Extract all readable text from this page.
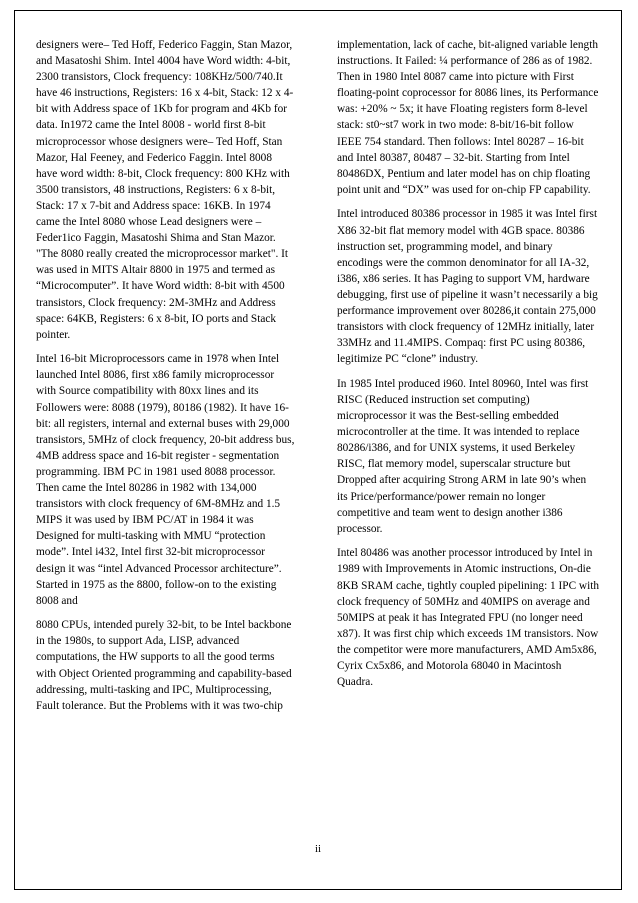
designers were– Ted Hoff, Federico Faggin, Stan Mazor, and Masatoshi Shim. Intel 4004 have Word width: 4-bit, 2300 transistors, Clock frequency: 108KHz/500/740.It have 46 instructions, Registers: 16 x 4-bit, Stack: 12 x 4-bit with Address space of 1Kb for program and 4Kb for data. In1972 came the Intel 8008 - world first 8-bit microprocessor whose designers were– Ted Hoff, Stan Mazor, Hal Feeney, and Federico Faggin. Intel 8008 have word width: 8-bit, Clock frequency: 800 KHz with 3500 transistors, 48 instructions, Registers: 6 x 8-bit, Stack: 17 x 7-bit and Address space: 16KB. In 1974 came the Intel 8080 whose Lead designers were – Feder1ico Faggin, Masatoshi Shima and Stan Mazor. "The 8080 really created the microprocessor market". It was used in MITS Altair 8800 in 1975 and termed as “Microcomputer”. It have Word width: 8-bit with 4500 transistors, Clock frequency: 2M-3MHz and Address space: 64KB, Registers: 6 x 8-bit, IO ports and Stack pointer.

Intel 16-bit Microprocessors came in 1978 when Intel launched Intel 8086, first x86 family microprocessor with Source compatibility with 80xx lines and its Followers were: 8088 (1979), 80186 (1982). It have 16-bit: all registers, internal and external buses with 29,000 transistors, 5MHz of clock frequency, 20-bit address bus, 4MB address space and 16-bit register - segmentation programming. IBM PC in 1981 used 8088 processor. Then came the Intel 80286 in 1982 with 134,000 transistors with clock frequency of 6M-8MHz and 1.5 MIPS it was used by IBM PC/AT in 1984 it was Designed for multi-tasking with MMU “protection mode”. Intel i432, Intel first 32-bit microprocessor design it was “intel Advanced Processor architecture”. Started in 1975 as the 8800, follow-on to the existing 8008 and

8080 CPUs, intended purely 32-bit, to be Intel backbone in the 1980s, to support Ada, LISP, advanced computations, the HW supports to all the good terms with Object Oriented programming and capability-based addressing, multi-tasking and IPC, Multiprocessing, Fault tolerance. But the Problems with it was two-chip

implementation, lack of cache, bit-aligned variable length instructions. It Failed: ¼ performance of 286 as of 1982. Then in 1980 Intel 8087 came into picture with First floating-point coprocessor for 8086 lines, its Performance was: +20% ~ 5x; it have Floating registers form 8-level stack: st0~st7 work in two mode: 8-bit/16-bit follow IEEE 754 standard. Then follows: Intel 80287 – 16-bit and Intel 80387, 80487 – 32-bit. Starting from Intel 80486DX, Pentium and later model has on chip floating point unit and “DX” was used for on-chip FP capability.

Intel introduced 80386 processor in 1985 it was Intel first X86 32-bit flat memory model with 4GB space. 80386 instruction set, programming model, and binary encodings were the common denominator for all IA-32, i386, x86 series. It has Paging to support VM, hardware debugging, first use of pipeline it wasn’t necessarily a big performance improvement over 80286,it contain 275,000 transistors with clock frequency of 12MHz initially, later 33MHz and 11.4MIPS. Compaq: first PC using 80386, legitimize PC “clone” industry.

In 1985 Intel produced i960. Intel 80960, Intel was first RISC (Reduced instruction set computing) microprocessor it was the Best-selling embedded microcontroller at the time. It was intended to replace 80286/i386, and for UNIX systems, it used Berkeley RISC, flat memory model, superscalar structure but Dropped after acquiring Strong ARM in late 90’s when its Price/performance/power remain no longer competitive and team went to design another i386 processor.

Intel 80486 was another processor introduced by Intel in 1989 with Improvements in Atomic instructions, On-die 8KB SRAM cache, tightly coupled pipelining: 1 IPC with clock frequency of 50MHz and 40MIPS on average and 50MIPS at peak it has Integrated FPU (no longer need x87). It was first chip which exceeds 1M transistors. Now the competitor were more manufacturers, AMD Am5x86, Cyrix Cx5x86, and Motorola 68040 in Macintosh Quadra.

ii
